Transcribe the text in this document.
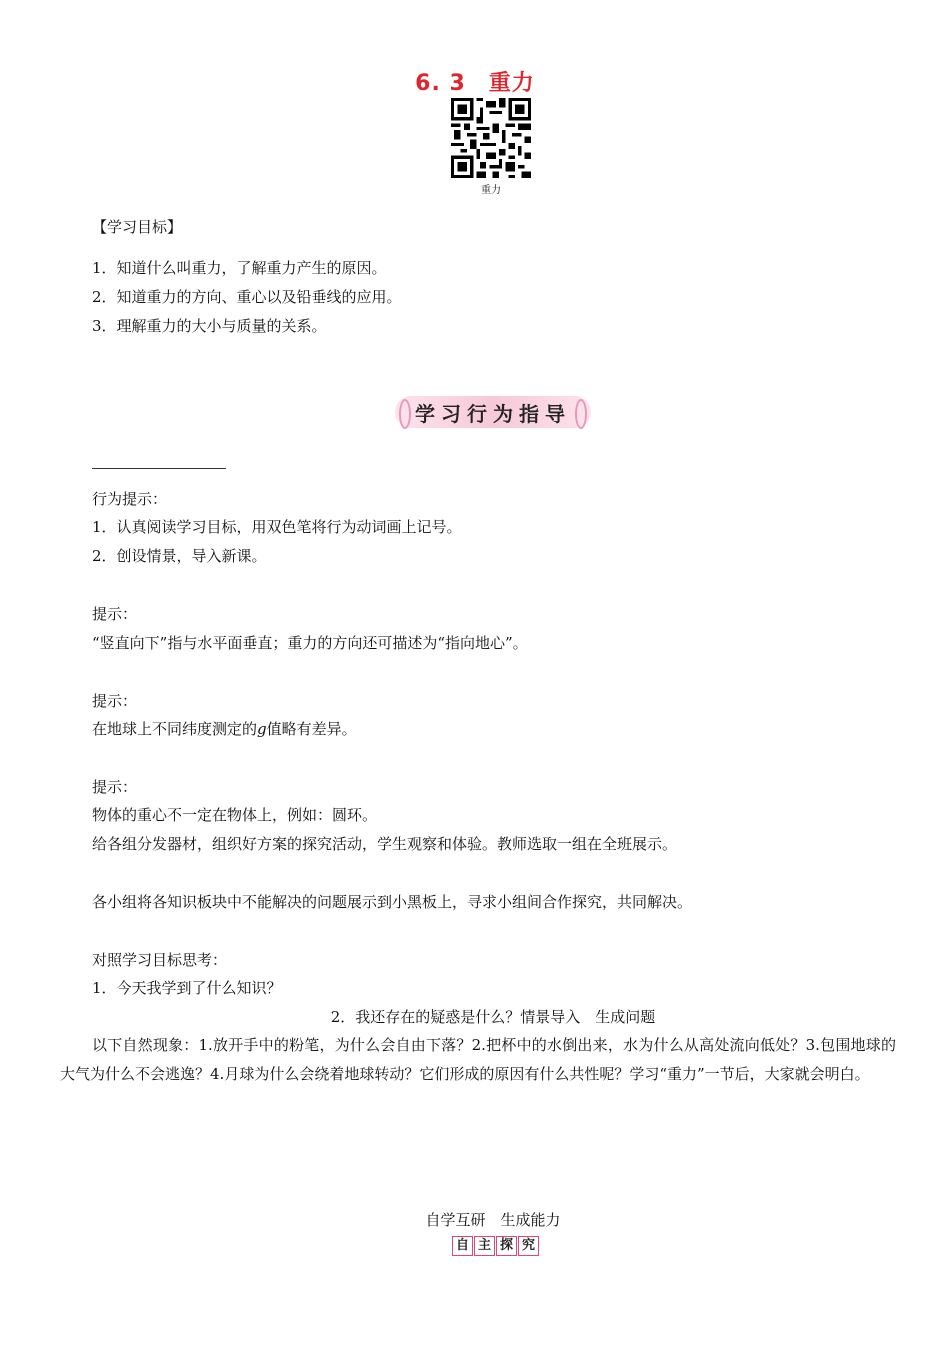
6. 3　重力
重力
【学习目标】
1．知道什么叫重力，了解重力产生的原因。
2．知道重力的方向、重心以及铅垂线的应用。
3．理解重力的大小与质量的关系。
学习行为指导
行为提示：
1．认真阅读学习目标，用双色笔将行为动词画上记号。
2．创设情景，导入新课。
提示：
“竖直向下”指与水平面垂直；重力的方向还可描述为“指向地心”。
提示：
在地球上不同纬度测定的g值略有差异。
提示：
物体的重心不一定在物体上，例如：圆环。
给各组分发器材，组织好方案的探究活动，学生观察和体验。教师选取一组在全班展示。
各小组将各知识板块中不能解决的问题展示到小黑板上，寻求小组间合作探究，共同解决。
对照学习目标思考：
1．今天我学到了什么知识？
2．我还存在的疑惑是什么？情景导入　生成问题
以下自然现象：1.放开手中的粉笔，为什么会自由下落？2.把杯中的水倒出来，水为什么从高处流向低处？3.包围地球的大气为什么不会逃逸？4.月球为什么会绕着地球转动？它们形成的原因有什么共性呢？学习“重力”一节后，大家就会明白。
自学互研　生成能力
自 主 探 究
